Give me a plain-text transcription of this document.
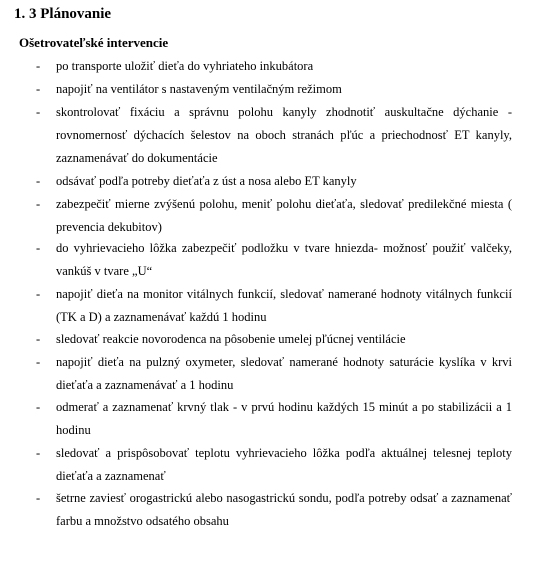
1. 3 Plánovanie
Ošetrovateľské intervencie
- po transporte uložiť dieťa do vyhriateho inkubátora
- napojiť na ventilátor s nastaveným ventilačným režimom
- skontrolovať fixáciu a správnu polohu kanyly zhodnotiť auskultačne dýchanie - rovnomernosť dýchacích šelestov na oboch stranách pľúc a priechodnosť ET kanyly, zaznamenávať do dokumentácie
- odsávať podľa potreby dieťaťa z úst a nosa alebo ET kanyly
- zabezpečiť mierne zvýšenú polohu, meniť polohu dieťaťa, sledovať predilekčné miesta ( prevencia dekubitov)
- do vyhrievacieho lôžka zabezpečiť podložku v tvare hniezda- možnosť použiť valčeky, vankúš v tvare „U“
- napojiť dieťa na monitor vitálnych funkcií, sledovať namerané hodnoty vitálnych funkcií (TK a D) a zaznamenávať každú 1 hodinu
- sledovať reakcie novorodenca na pôsobenie umelej pľúcnej ventilácie
- napojiť dieťa na pulzný oxymeter, sledovať namerané hodnoty saturácie kyslíka v krvi dieťaťa a zaznamenávať a 1 hodinu
- odmerať a zaznamenať krvný tlak - v prvú hodinu každých 15 minút a po stabilizácii a 1 hodinu
- sledovať a prispôsobovať teplotu vyhrievacieho lôžka podľa aktuálnej telesnej teploty dieťaťa a zaznamenať
- šetrne zaviesť orogastrickú alebo nasogastrickú sondu, podľa potreby odsať a zaznamenať farbu a množstvo odsatého obsahu
